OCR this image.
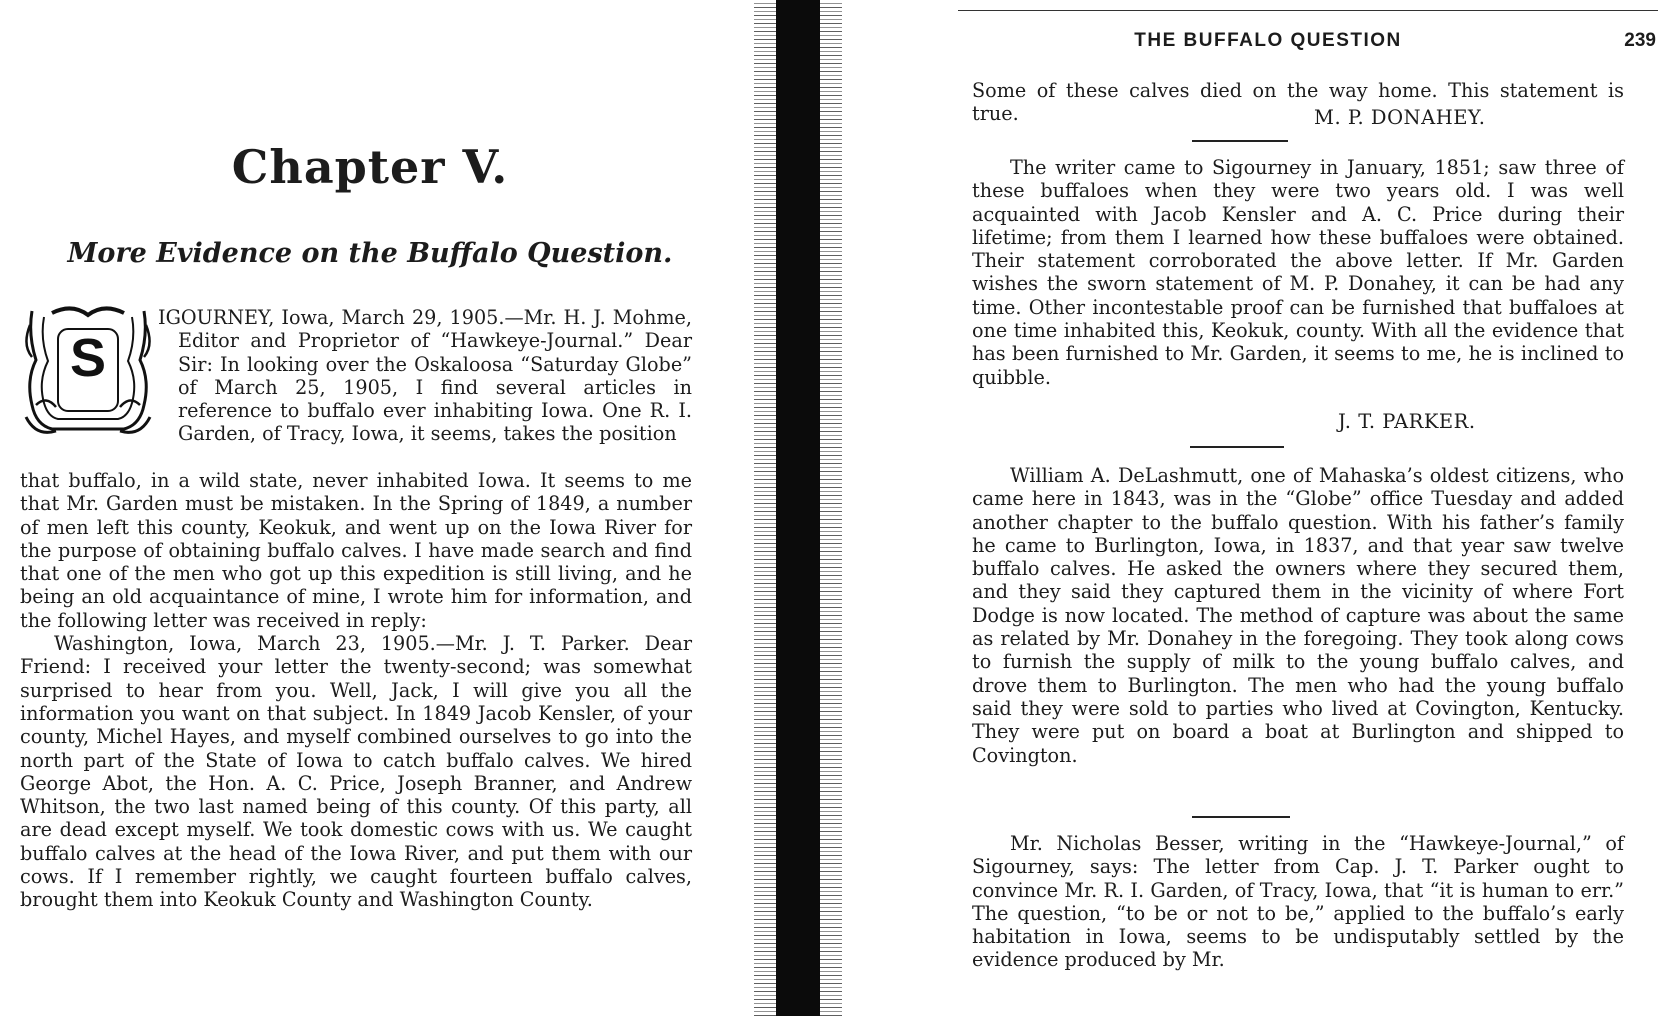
Chapter V.
More Evidence on the Buffalo Question.
S
IGOURNEY, Iowa, March 29, 1905.—Mr. H. J. Mohme, Editor and Proprietor of “Hawkeye-Journal.” Dear Sir: In looking over the Oskaloosa “Saturday Globe” of March 25, 1905, I find several articles in reference to buffalo ever inhabiting Iowa. One R. I. Garden, of Tracy, Iowa, it seems, takes the position

that buffalo, in a wild state, never inhabited Iowa. It seems to me that Mr. Garden must be mistaken. In the Spring of 1849, a number of men left this county, Keokuk, and went up on the Iowa River for the purpose of obtaining buffalo calves. I have made search and find that one of the men who got up this expedition is still living, and he being an old acquaintance of mine, I wrote him for information, and the following letter was received in reply:

Washington, Iowa, March 23, 1905.—Mr. J. T. Parker. Dear Friend: I received your letter the twenty-second; was somewhat surprised to hear from you. Well, Jack, I will give you all the information you want on that subject. In 1849 Jacob Kensler, of your county, Michel Hayes, and myself combined ourselves to go into the north part of the State of Iowa to catch buffalo calves. We hired George Abot, the Hon. A. C. Price, Joseph Branner, and Andrew Whitson, the two last named being of this county. Of this party, all are dead except myself. We took domestic cows with us. We caught buffalo calves at the head of the Iowa River, and put them with our cows. If I remember rightly, we caught fourteen buffalo calves, brought them into Keokuk County and Washington County.

THE BUFFALO QUESTION	239

Some of these calves died on the way home. This statement is true.	M. P. DONAHEY.

The writer came to Sigourney in January, 1851; saw three of these buffaloes when they were two years old. I was well acquainted with Jacob Kensler and A. C. Price during their lifetime; from them I learned how these buffaloes were obtained. Their statement corroborated the above letter. If Mr. Garden wishes the sworn statement of M. P. Donahey, it can be had any time. Other incontestable proof can be furnished that buffaloes at one time inhabited this, Keokuk, county. With all the evidence that has been furnished to Mr. Garden, it seems to me, he is inclined to quibble.

J. T. PARKER.

William A. DeLashmutt, one of Mahaska’s oldest citizens, who came here in 1843, was in the “Globe” office Tuesday and added another chapter to the buffalo question. With his father’s family he came to Burlington, Iowa, in 1837, and that year saw twelve buffalo calves. He asked the owners where they secured them, and they said they captured them in the vicinity of where Fort Dodge is now located. The method of capture was about the same as related by Mr. Donahey in the foregoing. They took along cows to furnish the supply of milk to the young buffalo calves, and drove them to Burlington. The men who had the young buffalo said they were sold to parties who lived at Covington, Kentucky. They were put on board a boat at Burlington and shipped to Covington.

Mr. Nicholas Besser, writing in the “Hawkeye-Journal,” of Sigourney, says: The letter from Cap. J. T. Parker ought to convince Mr. R. I. Garden, of Tracy, Iowa, that “it is human to err.” The question, “to be or not to be,” applied to the buffalo’s early habitation in Iowa, seems to be undisputably settled by the evidence produced by Mr.
